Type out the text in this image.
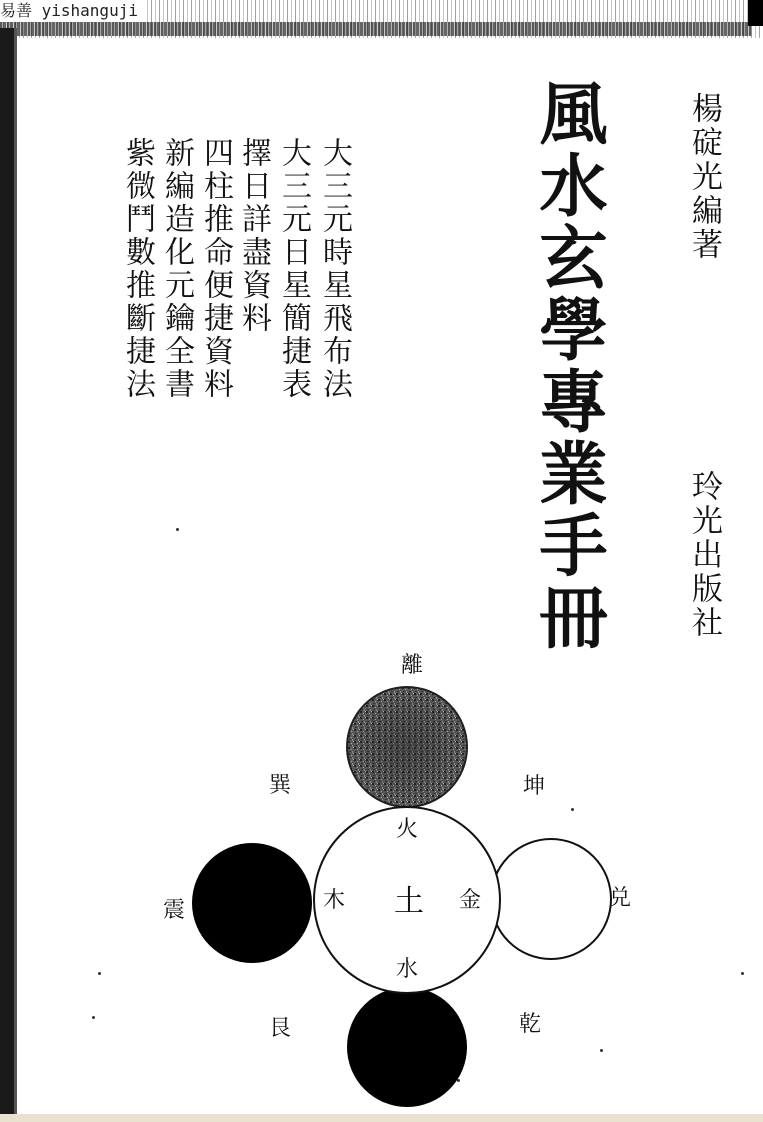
易善 yishanguji
風水玄學專業手冊	楊碇光編著
玲光出版社
大三元時星飛布法
大三元日星簡捷表
擇日詳盡資料
四柱推命便捷資料
新編造化元鑰全書
紫微鬥數推斷捷法
火
木 土 金
水
離
巽	坤
震	兑
艮	乾
